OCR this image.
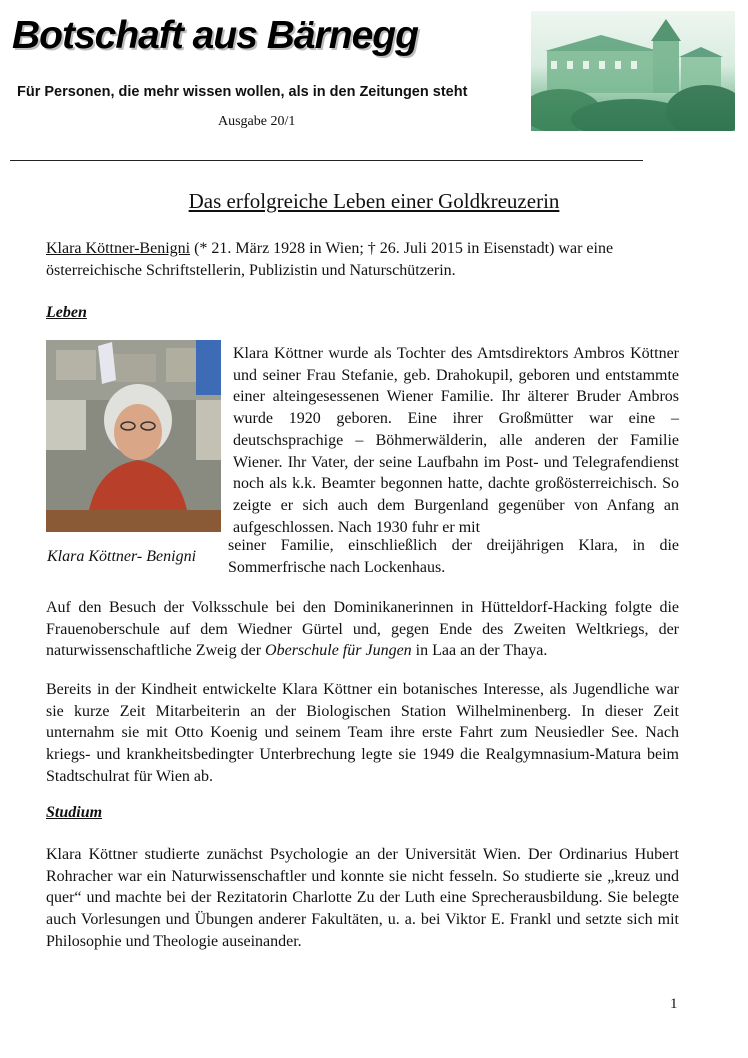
Botschaft aus Bärnegg
Für Personen, die mehr wissen wollen, als in den Zeitungen steht
Ausgabe 20/1
Das erfolgreiche Leben einer Goldkreuzerin
Klara Köttner-Benigni (* 21. März 1928 in Wien; † 26. Juli 2015 in Eisenstadt) war eine österreichische Schriftstellerin, Publizistin und Naturschützerin.
Leben
Klara Köttner- Benigni
Klara Köttner wurde als Tochter des Amtsdirektors Ambros Köttner und seiner Frau Stefanie, geb. Drahokupil, geboren und entstammte einer alteingesessenen Wiener Familie. Ihr älterer Bruder Ambros wurde 1920 geboren. Eine ihrer Großmütter war eine – deutschsprachige – Böhmerwälderin, alle anderen der Familie Wiener. Ihr Vater, der seine Laufbahn im Post- und Telegrafendienst noch als k.k. Beamter begonnen hatte, dachte großösterreichisch. So zeigte er sich auch dem Burgenland gegenüber von Anfang an aufgeschlossen. Nach 1930 fuhr er mit
seiner Familie, einschließlich der dreijährigen Klara, in die Sommerfrische nach Lockenhaus.
Auf den Besuch der Volksschule bei den Dominikanerinnen in Hütteldorf-Hacking folgte die Frauenoberschule auf dem Wiedner Gürtel und, gegen Ende des Zweiten Weltkriegs, der naturwissenschaftliche Zweig der Oberschule für Jungen in Laa an der Thaya.
Bereits in der Kindheit entwickelte Klara Köttner ein botanisches Interesse, als Jugendliche war sie kurze Zeit Mitarbeiterin an der Biologischen Station Wilhelminenberg. In dieser Zeit unternahm sie mit Otto Koenig und seinem Team ihre erste Fahrt zum Neusiedler See. Nach kriegs- und krankheitsbedingter Unterbrechung legte sie 1949 die Realgymnasium-Matura beim Stadtschulrat für Wien ab.
Studium
Klara Köttner studierte zunächst Psychologie an der Universität Wien. Der Ordinarius Hubert Rohracher war ein Naturwissenschaftler und konnte sie nicht fesseln. So studierte sie „kreuz und quer“ und machte bei der Rezitatorin Charlotte Zu der Luth eine Sprecherausbildung. Sie belegte auch Vorlesungen und Übungen anderer Fakultäten, u. a. bei Viktor E. Frankl und setzte sich mit Philosophie und Theologie auseinander.
1
